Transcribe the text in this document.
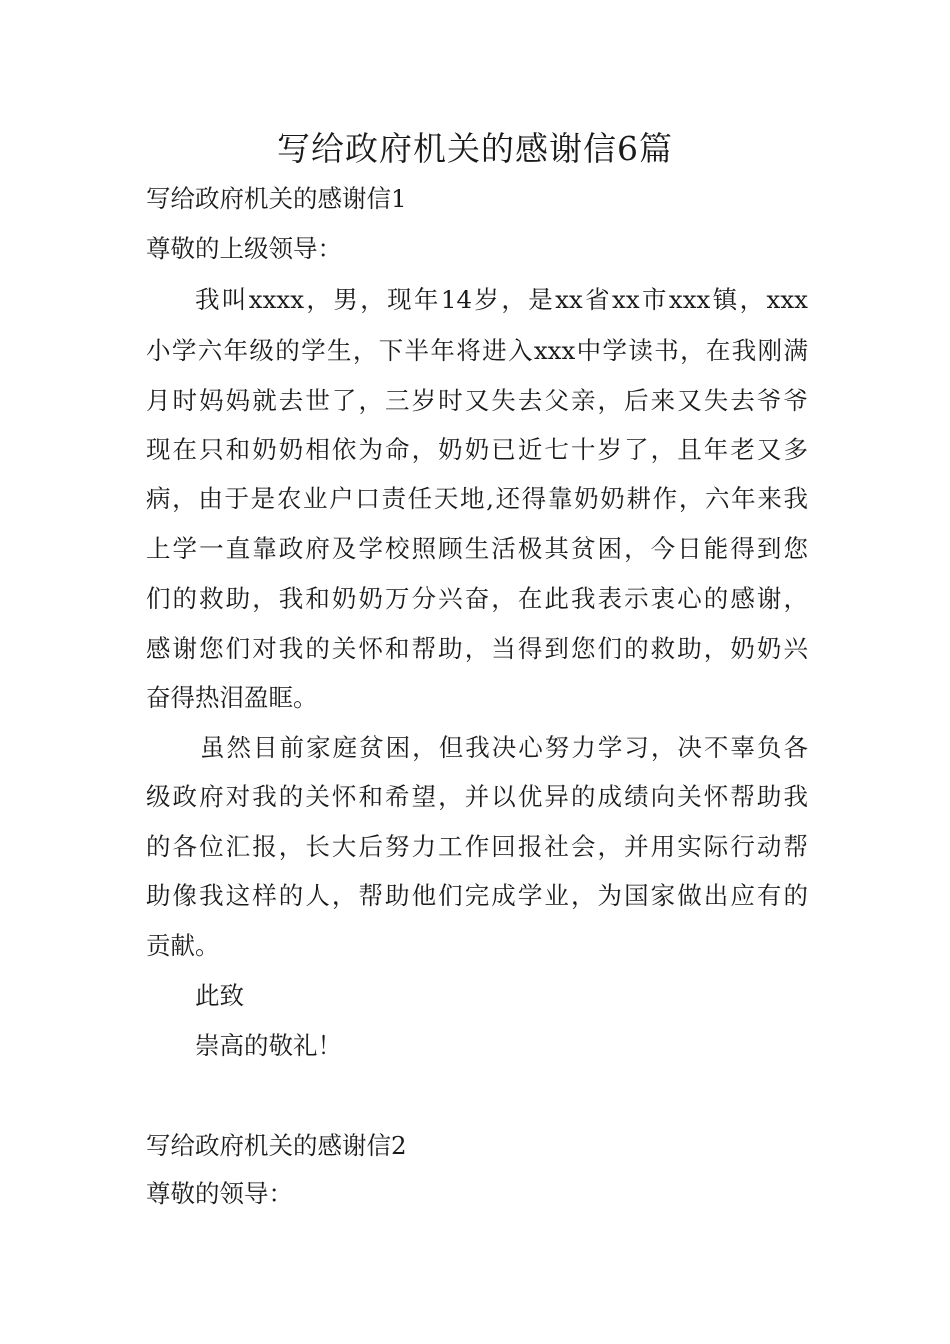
写给政府机关的感谢信6篇
写给政府机关的感谢信1
尊敬的上级领导：
我叫xxxx，男，现年14岁，是xx省xx市xxx镇，xxx
小学六年级的学生，下半年将进入xxx中学读书，在我刚满
月时妈妈就去世了，三岁时又失去父亲，后来又失去爷爷
现在只和奶奶相依为命，奶奶已近七十岁了，且年老又多
病，由于是农业户口责任天地,还得靠奶奶耕作，六年来我
上学一直靠政府及学校照顾生活极其贫困，今日能得到您
们的救助，我和奶奶万分兴奋，在此我表示衷心的感谢，
感谢您们对我的关怀和帮助，当得到您们的救助，奶奶兴
奋得热泪盈眶。
虽然目前家庭贫困，但我决心努力学习，决不辜负各
级政府对我的关怀和希望，并以优异的成绩向关怀帮助我
的各位汇报，长大后努力工作回报社会，并用实际行动帮
助像我这样的人，帮助他们完成学业，为国家做出应有的
贡献。
此致
崇高的敬礼！
写给政府机关的感谢信2
尊敬的领导：
